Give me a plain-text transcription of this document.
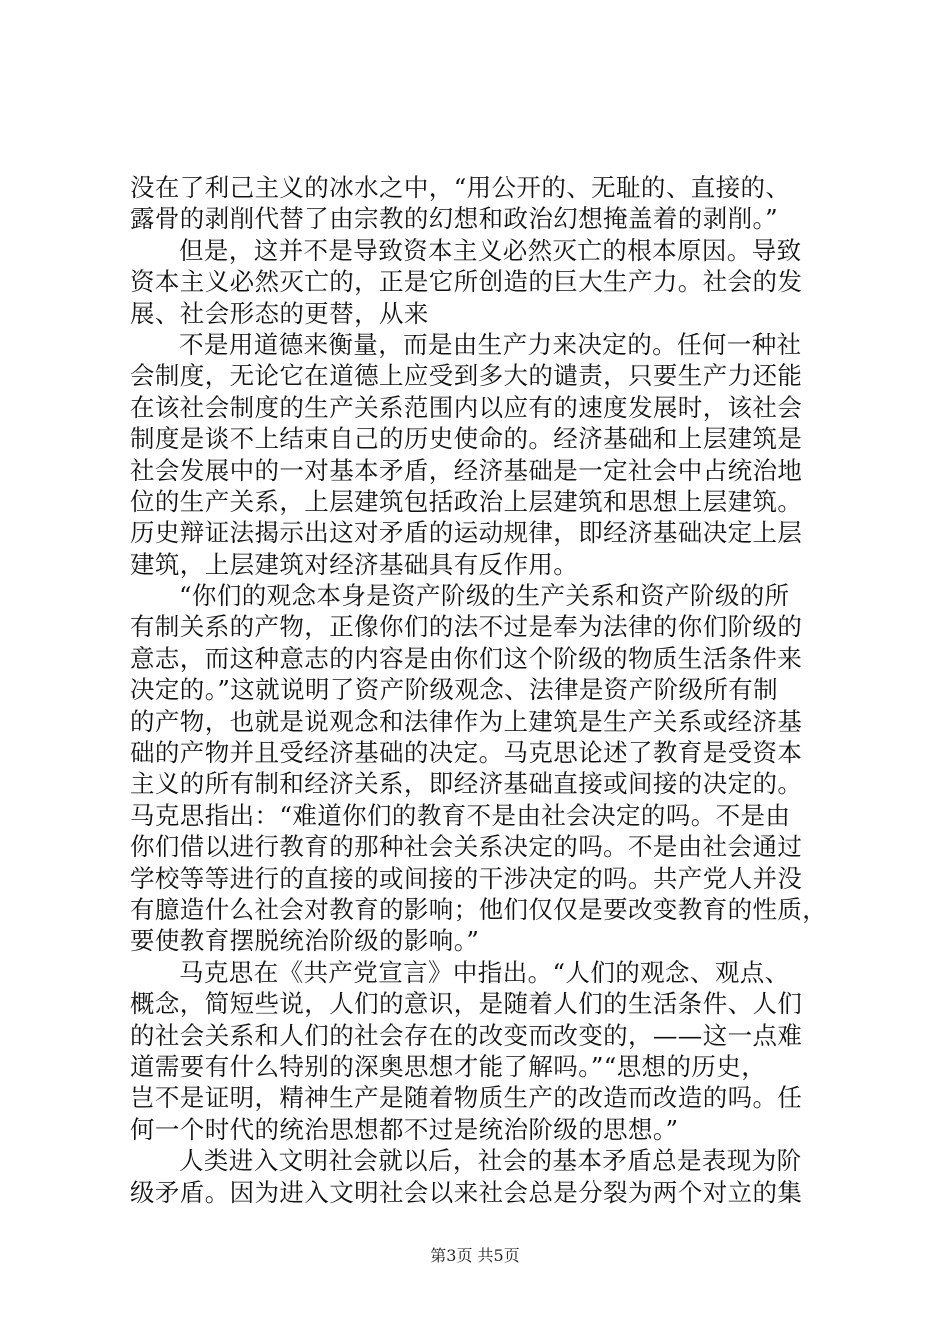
没在了利己主义的冰水之中，“用公开的、无耻的、直接的、
露骨的剥削代替了由宗教的幻想和政治幻想掩盖着的剥削。”
但是，这并不是导致资本主义必然灭亡的根本原因。导致
资本主义必然灭亡的，正是它所创造的巨大生产力。社会的发
展、社会形态的更替，从来
不是用道德来衡量，而是由生产力来决定的。任何一种社
会制度，无论它在道德上应受到多大的谴责，只要生产力还能
在该社会制度的生产关系范围内以应有的速度发展时，该社会
制度是谈不上结束自己的历史使命的。经济基础和上层建筑是
社会发展中的一对基本矛盾，经济基础是一定社会中占统治地
位的生产关系，上层建筑包括政治上层建筑和思想上层建筑。
历史辩证法揭示出这对矛盾的运动规律，即经济基础决定上层
建筑，上层建筑对经济基础具有反作用。
“你们的观念本身是资产阶级的生产关系和资产阶级的所
有制关系的产物，正像你们的法不过是奉为法律的你们阶级的
意志，而这种意志的内容是由你们这个阶级的物质生活条件来
决定的。”这就说明了资产阶级观念、法律是资产阶级所有制
的产物，也就是说观念和法律作为上建筑是生产关系或经济基
础的产物并且受经济基础的决定。马克思论述了教育是受资本
主义的所有制和经济关系，即经济基础直接或间接的决定的。
马克思指出：“难道你们的教育不是由社会决定的吗。不是由
你们借以进行教育的那种社会关系决定的吗。不是由社会通过
学校等等进行的直接的或间接的干涉决定的吗。共产党人并没
有臆造什么社会对教育的影响；他们仅仅是要改变教育的性质，
要使教育摆脱统治阶级的影响。”
马克思在《共产党宣言》中指出。“人们的观念、观点、
概念，简短些说，人们的意识，是随着人们的生活条件、人们
的社会关系和人们的社会存在的改变而改变的，——这一点难
道需要有什么特别的深奥思想才能了解吗。”“思想的历史，
岂不是证明，精神生产是随着物质生产的改造而改造的吗。任
何一个时代的统治思想都不过是统治阶级的思想。”
人类进入文明社会就以后，社会的基本矛盾总是表现为阶
级矛盾。因为进入文明社会以来社会总是分裂为两个对立的集
第3页 共5页
